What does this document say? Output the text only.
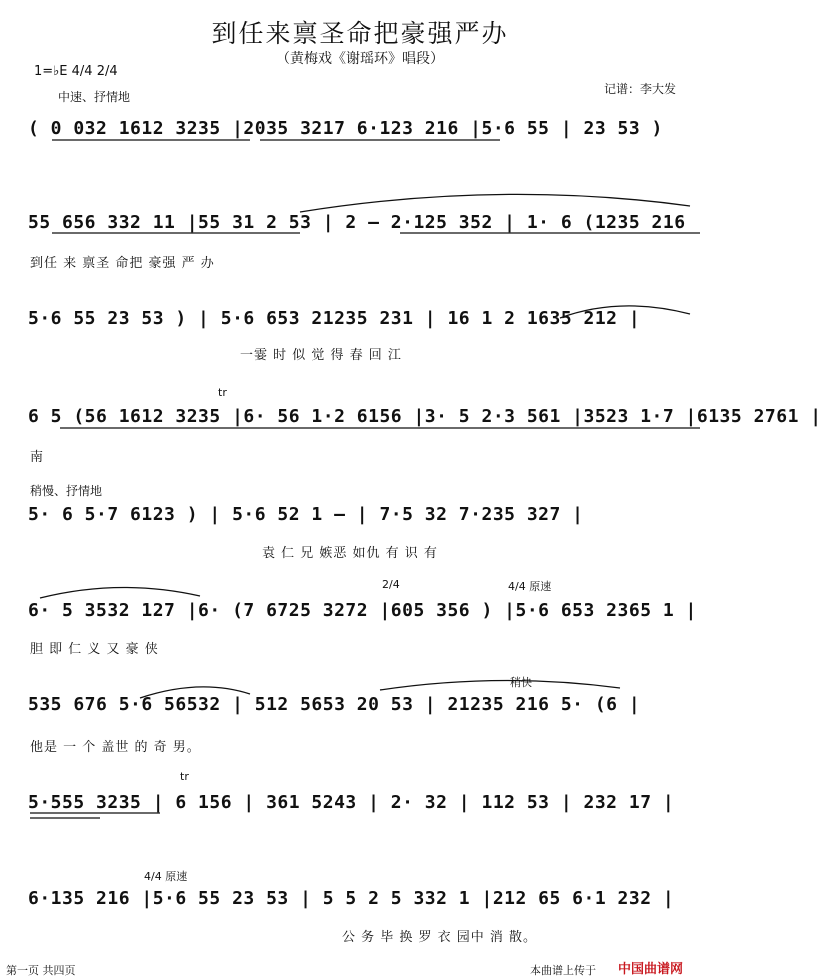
到任来禀圣命把豪强严办
（黄梅戏《谢瑶环》唱段）
1=♭E 4/4 2/4
中速、抒情地
记谱：李大发
( 0 032 1612 3235 |2035 3217 6·123 216 |5·6 55 | 23 53 )
55 656 332 11 |55 31 2 53 | 2 – 2·125 352 | 1· 6 (1235 216
到任 来 禀圣 命把 豪强 严 办
5·6 55 23 53 ) | 5·6 653 21235 231 | 16 1 2 1635 212 |
一霎 时 似 觉 得 春 回 江
tr
6 5 (56 1612 3235 |6· 56 1·2 6156 |3· 5 2·3 561 |3523 1·7 |6135 2761 |
南
稍慢、抒情地
5· 6 5·7 6123 ) | 5·6 52 1 – | 7·5 32 7·235 327 |
袁 仁 兄 嫉恶 如仇 有 识 有
2/4	4/4 原速
6· 5 3532 127 |6· (7 6725 3272 |605 356 ) |5·6 653 2365 1 |
胆 即 仁 义 又 豪 侠
稍快
535 676 5·6 56532 | 512 5653 20 53 | 21235 216 5· (6 |
他是 一 个 盖世 的 奇 男。
tr
5·555 3235 | 6 156 | 361 5243 | 2· 32 | 112 53 | 232 17 |
4/4 原速
6·135 216 |5·6 55 23 53 | 5 5 2 5 332 1 |212 65 6·1 232 |
公 务 毕 换 罗 衣 园中 消 散。
第一页 共四页	本曲谱上传于 中国曲谱网
